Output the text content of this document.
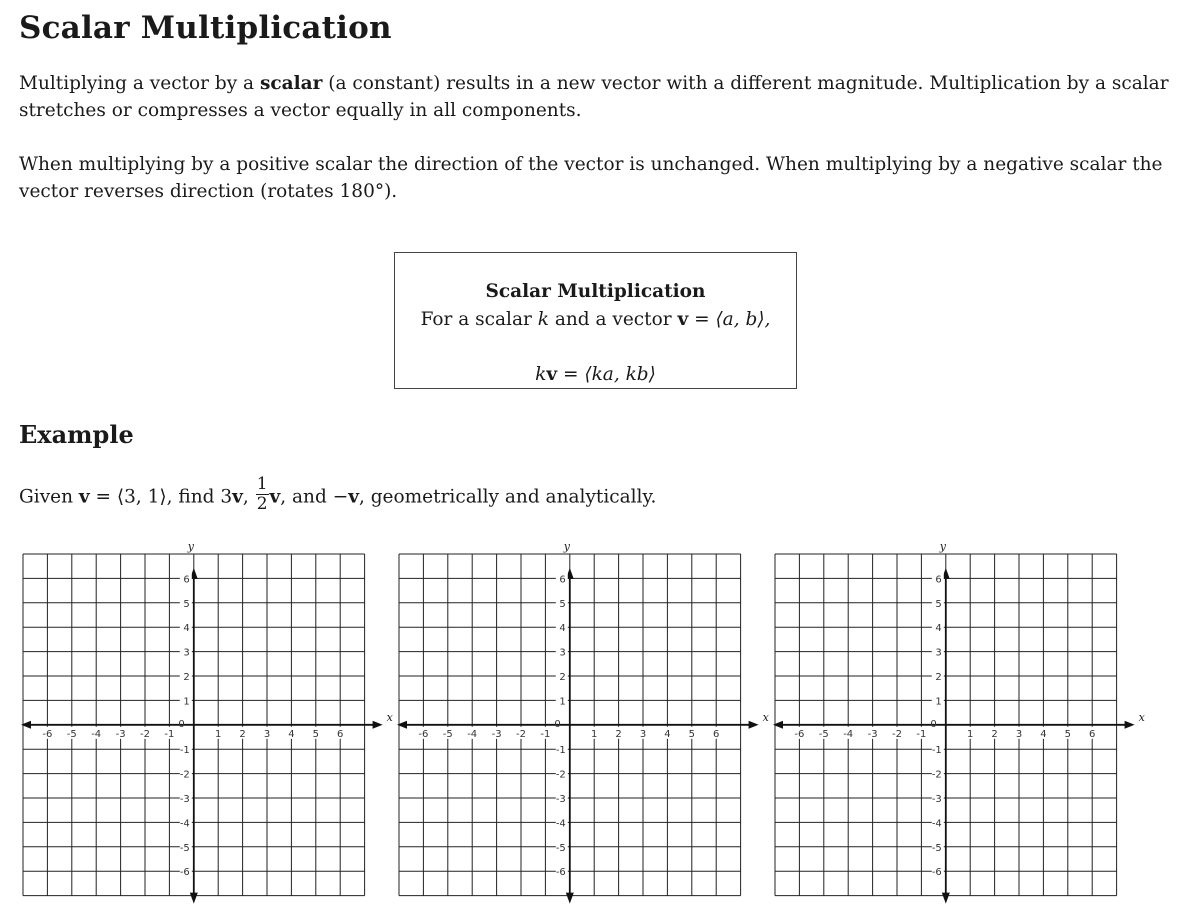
Scalar Multiplication

Multiplying a vector by a scalar (a constant) results in a new vector with a different magnitude. Multiplication by a scalar stretches or compresses a vector equally in all components.

When multiplying by a positive scalar the direction of the vector is unchanged. When multiplying by a negative scalar the vector reverses direction (rotates 180°).

Scalar Multiplication
For a scalar k and a vector v = ⟨a, b⟩,
kv = ⟨ka, kb⟩
Example
Given v = ⟨3, 1⟩, find 3v, $\frac{1}{2} v$, and −v, geometrically and analytically.
x
y
0
-6 -5 -4 -3 -2 -1	1 2 3 4 5 6
6
5
4
3
2
1
-1
-2
-3
-4
-5
-6
x
y
0
-6 -5 -4 -3 -2 -1	1 2 3 4 5 6
6
5
4
3
2
1
-1
-2
-3
-4
-5
-6
x
y
0
-6 -5 -4 -3 -2 -1	1 2 3 4 5 6
6
5
4
3
2
1
-1
-2
-3
-4
-5
-6
